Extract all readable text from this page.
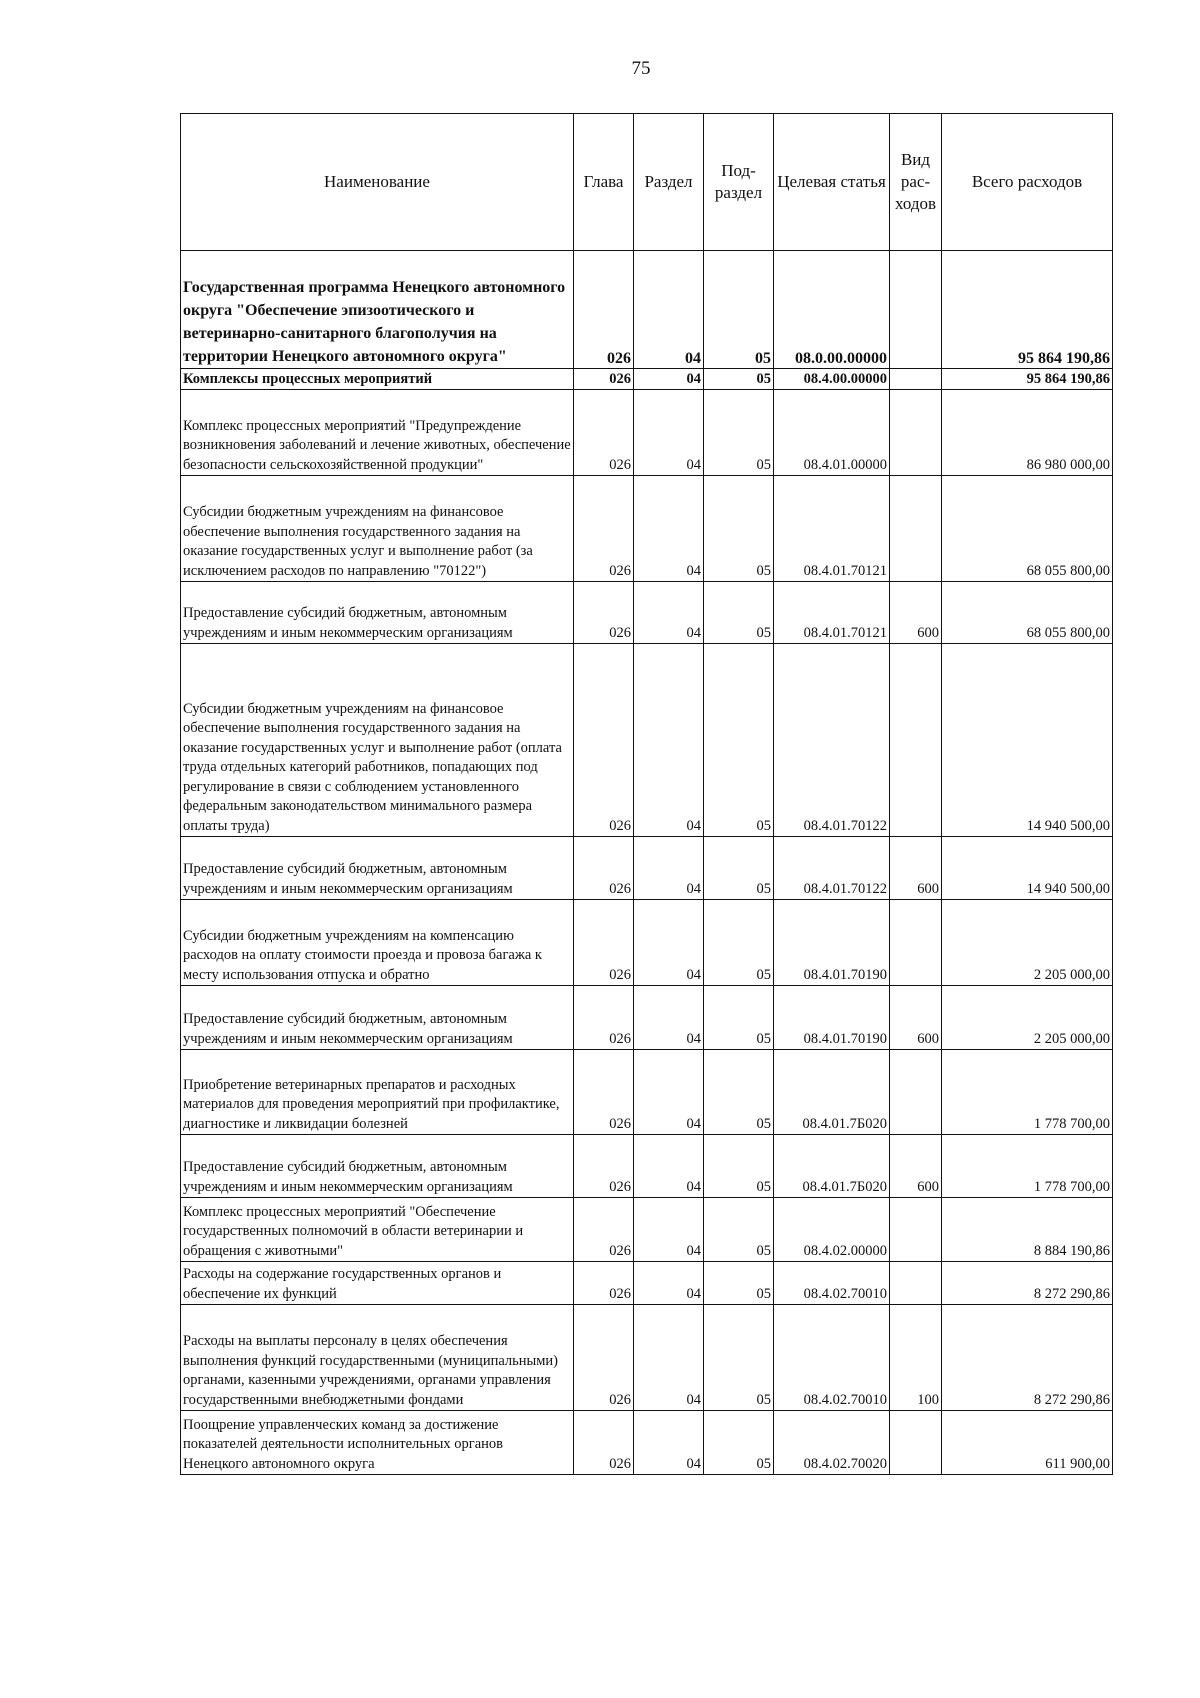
75
Наименование	Глава	Раздел	Под-раздел	Целевая статья	Вид рас-ходов	Всего расходов
Государственная программа Ненецкого автономного округа "Обеспечение эпизоотического и ветеринарно-санитарного благополучия на территории Ненецкого автономного округа"	026	04	05	08.0.00.00000		95 864 190,86
Комплексы процессных мероприятий	026	04	05	08.4.00.00000		95 864 190,86
Комплекс процессных мероприятий "Предупреждение возникновения заболеваний и лечение животных, обеспечение безопасности сельскохозяйственной продукции"	026	04	05	08.4.01.00000		86 980 000,00
Субсидии бюджетным учреждениям на финансовое обеспечение выполнения государственного задания на оказание государственных услуг и выполнение работ (за исключением расходов по направлению "70122")	026	04	05	08.4.01.70121		68 055 800,00
Предоставление субсидий бюджетным, автономным учреждениям и иным некоммерческим организациям	026	04	05	08.4.01.70121	600	68 055 800,00
Субсидии бюджетным учреждениям на финансовое обеспечение выполнения государственного задания на оказание государственных услуг и выполнение работ (оплата труда отдельных категорий работников, попадающих под регулирование в связи с соблюдением установленного федеральным законодательством минимального размера оплаты труда)	026	04	05	08.4.01.70122		14 940 500,00
Предоставление субсидий бюджетным, автономным учреждениям и иным некоммерческим организациям	026	04	05	08.4.01.70122	600	14 940 500,00
Субсидии бюджетным учреждениям на компенсацию расходов на оплату стоимости проезда и провоза багажа к месту использования отпуска и обратно	026	04	05	08.4.01.70190		2 205 000,00
Предоставление субсидий бюджетным, автономным учреждениям и иным некоммерческим организациям	026	04	05	08.4.01.70190	600	2 205 000,00
Приобретение ветеринарных препаратов и расходных материалов для проведения мероприятий при профилактике, диагностике и ликвидации болезней	026	04	05	08.4.01.7Б020		1 778 700,00
Предоставление субсидий бюджетным, автономным учреждениям и иным некоммерческим организациям	026	04	05	08.4.01.7Б020	600	1 778 700,00
Комплекс процессных мероприятий "Обеспечение государственных полномочий в области ветеринарии и обращения с животными"	026	04	05	08.4.02.00000		8 884 190,86
Расходы на содержание государственных органов и обеспечение их функций	026	04	05	08.4.02.70010		8 272 290,86
Расходы на выплаты персоналу в целях обеспечения выполнения функций государственными (муниципальными) органами, казенными учреждениями, органами управления государственными внебюджетными фондами	026	04	05	08.4.02.70010	100	8 272 290,86
Поощрение управленческих команд за достижение показателей деятельности исполнительных органов Ненецкого автономного округа	026	04	05	08.4.02.70020		611 900,00
